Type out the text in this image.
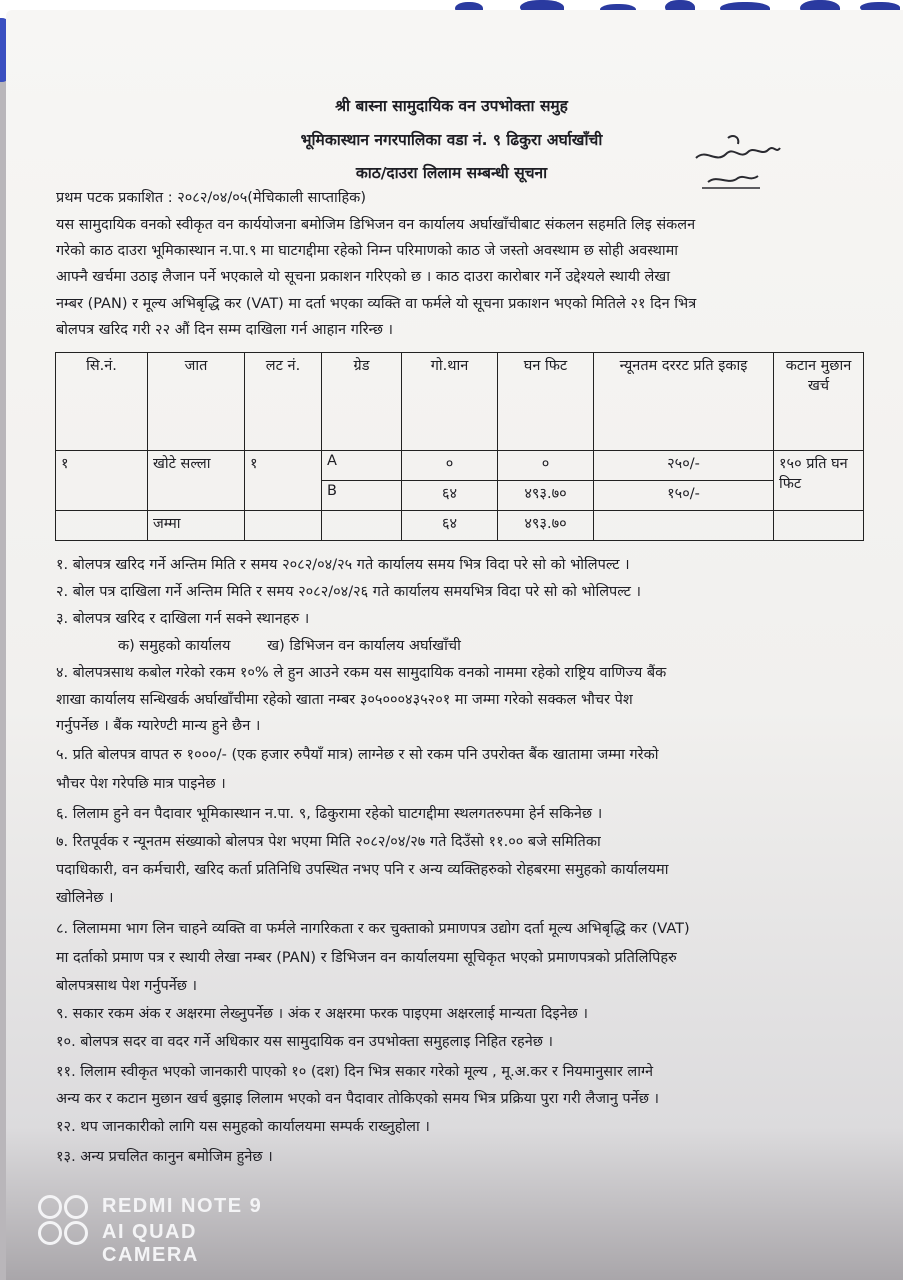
श्री बास्ना सामुदायिक वन उपभोक्ता समुह
भूमिकास्थान नगरपालिका वडा नं. ९ ढिकुरा अर्घाखाँची
काठ/दाउरा लिलाम सम्बन्धी सूचना
प्रथम पटक प्रकाशित : २०८२/०४/०५(मेचिकाली साप्ताहिक)
यस सामुदायिक वनको स्वीकृत वन कार्ययोजना बमोजिम डिभिजन वन कार्यालय अर्घाखाँचीबाट संकलन सहमति लिइ संकलन
गरेको काठ दाउरा भूमिकास्थान न.पा.९ मा घाटगद्दीमा रहेको निम्न परिमाणको काठ जे जस्तो अवस्थाम छ सोही अवस्थामा
आफ्नै खर्चमा उठाइ लैजान पर्ने भएकाले यो सूचना प्रकाशन गरिएको छ । काठ दाउरा कारोबार गर्ने उद्देश्यले स्थायी लेखा
नम्बर (PAN) र मूल्य अभिबृद्धि कर (VAT) मा दर्ता भएका व्यक्ति वा फर्मले यो सूचना प्रकाशन भएको मितिले २१ दिन भित्र
बोलपत्र खरिद गरी २२ औं दिन सम्म दाखिला गर्न आहान गरिन्छ ।
सि.नं.	जात	लट नं.	ग्रेड	गो.थान	घन फिट	न्यूनतम दररट प्रति इकाइ	कटान मुछान खर्च
१	खोटे सल्ला	१	A	०	०	२५०/-	१५० प्रति घन फिट
			B	६४	४९३.७०	१५०/-	
	जम्मा			६४	४९३.७०		
१. बोलपत्र खरिद गर्ने अन्तिम मिति र समय २०८२/०४/२५ गते कार्यालय समय भित्र विदा परे सो को भोलिपल्ट ।
२. बोल पत्र दाखिला गर्ने अन्तिम मिति र समय २०८२/०४/२६ गते कार्यालय समयभित्र विदा परे सो को भोलिपल्ट ।
३. बोलपत्र खरिद र दाखिला गर्न सक्ने स्थानहरु ।
क) समुहको कार्यालय        ख) डिभिजन वन कार्यालय अर्घाखाँची
४. बोलपत्रसाथ कबोल गरेको रकम १०% ले हुन आउने रकम यस सामुदायिक वनको नाममा रहेको राष्ट्रिय वाणिज्य बैंक
शाखा कार्यालय सन्धिखर्क अर्घाखाँचीमा रहेको खाता नम्बर ३०५०००४३५२०१ मा जम्मा गरेको सक्कल भौचर पेश
गर्नुपर्नेछ । बैंक ग्यारेण्टी मान्य हुने छैन ।
५. प्रति बोलपत्र वापत रु १०००/- (एक हजार रुपैयाँ मात्र) लाग्नेछ र सो रकम पनि उपरोक्त बैंक खातामा जम्मा गरेको
भौचर पेश गरेपछि मात्र पाइनेछ ।
६. लिलाम हुने वन पैदावार भूमिकास्थान न.पा. ९, ढिकुरामा रहेको घाटगद्दीमा स्थलगतरुपमा हेर्न सकिनेछ ।
७. रितपूर्वक र न्यूनतम संख्याको बोलपत्र पेश भएमा मिति २०८२/०४/२७ गते दिउँसो ११.०० बजे समितिका
पदाधिकारी, वन कर्मचारी, खरिद कर्ता प्रतिनिधि उपस्थित नभए पनि र अन्य व्यक्तिहरुको रोहबरमा समुहको कार्यालयमा
खोलिनेछ ।
८. लिलाममा भाग लिन चाहने व्यक्ति वा फर्मले नागरिकता र कर चुक्ताको प्रमाणपत्र उद्योग दर्ता मूल्य अभिबृद्धि कर (VAT)
मा दर्ताको प्रमाण पत्र र स्थायी लेखा नम्बर (PAN) र डिभिजन वन कार्यालयमा सूचिकृत भएको प्रमाणपत्रको प्रतिलिपिहरु
बोलपत्रसाथ पेश गर्नुपर्नेछ ।
९. सकार रकम अंक र अक्षरमा लेख्नुपर्नेछ । अंक र अक्षरमा फरक पाइएमा अक्षरलाई मान्यता दिइनेछ ।
१०. बोलपत्र सदर वा वदर गर्ने अधिकार यस सामुदायिक वन उपभोक्ता समुहलाइ निहित रहनेछ ।
११. लिलाम स्वीकृत भएको जानकारी पाएको १० (दश) दिन भित्र सकार गरेको मूल्य , मू.अ.कर र नियमानुसार लाग्ने
अन्य कर र कटान मुछान खर्च बुझाइ लिलाम भएको वन पैदावार तोकिएको समय भित्र प्रक्रिया पुरा गरी लैजानु पर्नेछ ।
१२. थप जानकारीको लागि यस समुहको कार्यालयमा सम्पर्क राख्नुहोला ।
१३. अन्य प्रचलित कानुन बमोजिम हुनेछ ।
REDMI NOTE 9
AI QUAD CAMERA
